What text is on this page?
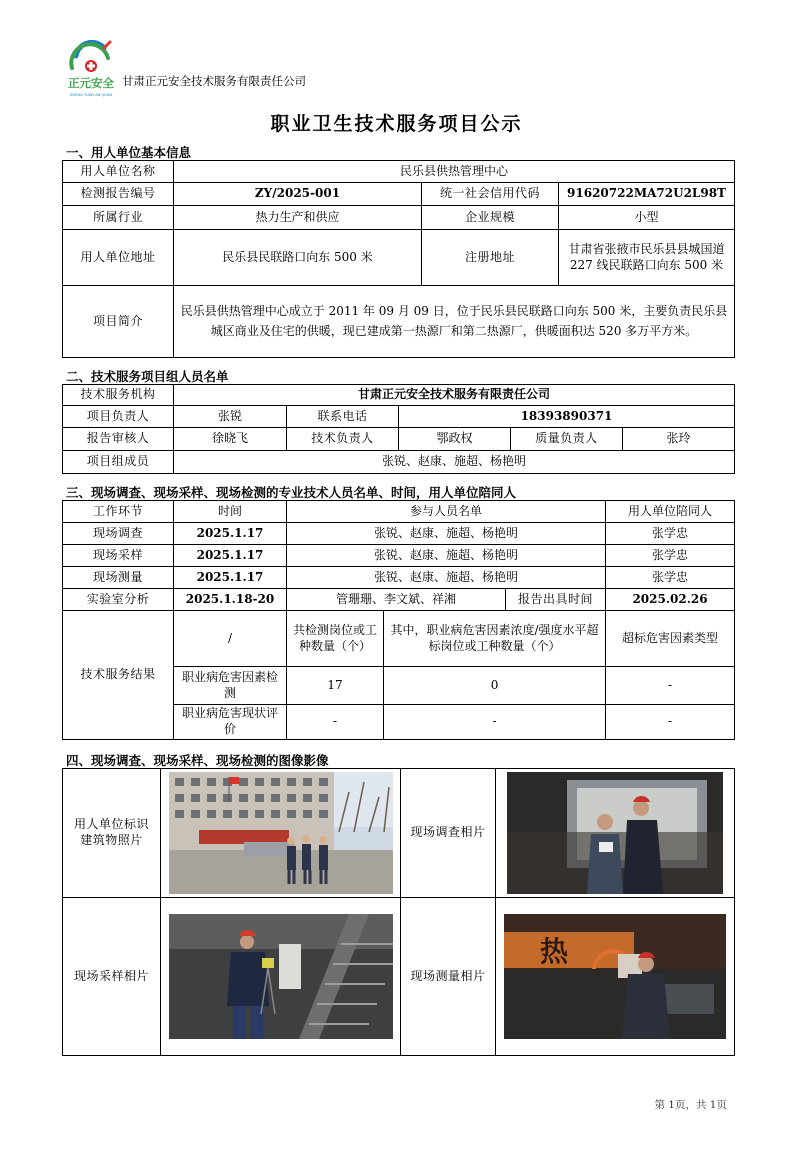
正元安全
ZHENG YUAN AN QUAN
甘肃正元安全技术服务有限责任公司
职业卫生技术服务项目公示
一、用人单位基本信息
用人单位名称	民乐县供热管理中心		
检测报告编号	ZY/2025-001	统一社会信用代码	91620722MA72U2L98T
所属行业	热力生产和供应	企业规模	小型
用人单位地址	民乐县民联路口向东 500 米	注册地址	甘肃省张掖市民乐县县城国道 227 线民联路口向东 500 米
项目简介	民乐县供热管理中心成立于 2011 年 09 月 09 日，位于民乐县民联路口向东 500 米，主要负责民乐县城区商业及住宅的供暖，现已建成第一热源厂和第二热源厂，供暖面积达 520 多万平方米。		
二、技术服务项目组人员名单
技术服务机构	甘肃正元安全技术服务有限责任公司				
项目负责人	张锐	联系电话	18393890371		
报告审核人	徐晓飞	技术负责人	鄂政权	质量负责人	张玲
项目组成员	张锐、赵康、施超、杨艳明				
三、现场调查、现场采样、现场检测的专业技术人员名单、时间，用人单位陪同人
工作环节	时间	参与人员名单			用人单位陪同人
现场调查	2025.1.17	张锐、赵康、施超、杨艳明			张学忠
现场采样	2025.1.17	张锐、赵康、施超、杨艳明			张学忠
现场测量	2025.1.17	张锐、赵康、施超、杨艳明			张学忠
实验室分析	2025.1.18-20	管珊珊、李文斌、祥湘		报告出具时间	2025.02.26
技术服务结果	/	共检测岗位或工种数量（个）	其中，职业病危害因素浓度/强度水平超标岗位或工种数量（个）		超标危害因素类型
	职业病危害因素检测	17	0		-
	职业病危害现状评价	-	-		-
四、现场调查、现场采样、现场检测的图像影像
用人单位标识建筑物照片		现场调查相片	

现场采样相片		现场测量相片	热
第 1页，共 1页
